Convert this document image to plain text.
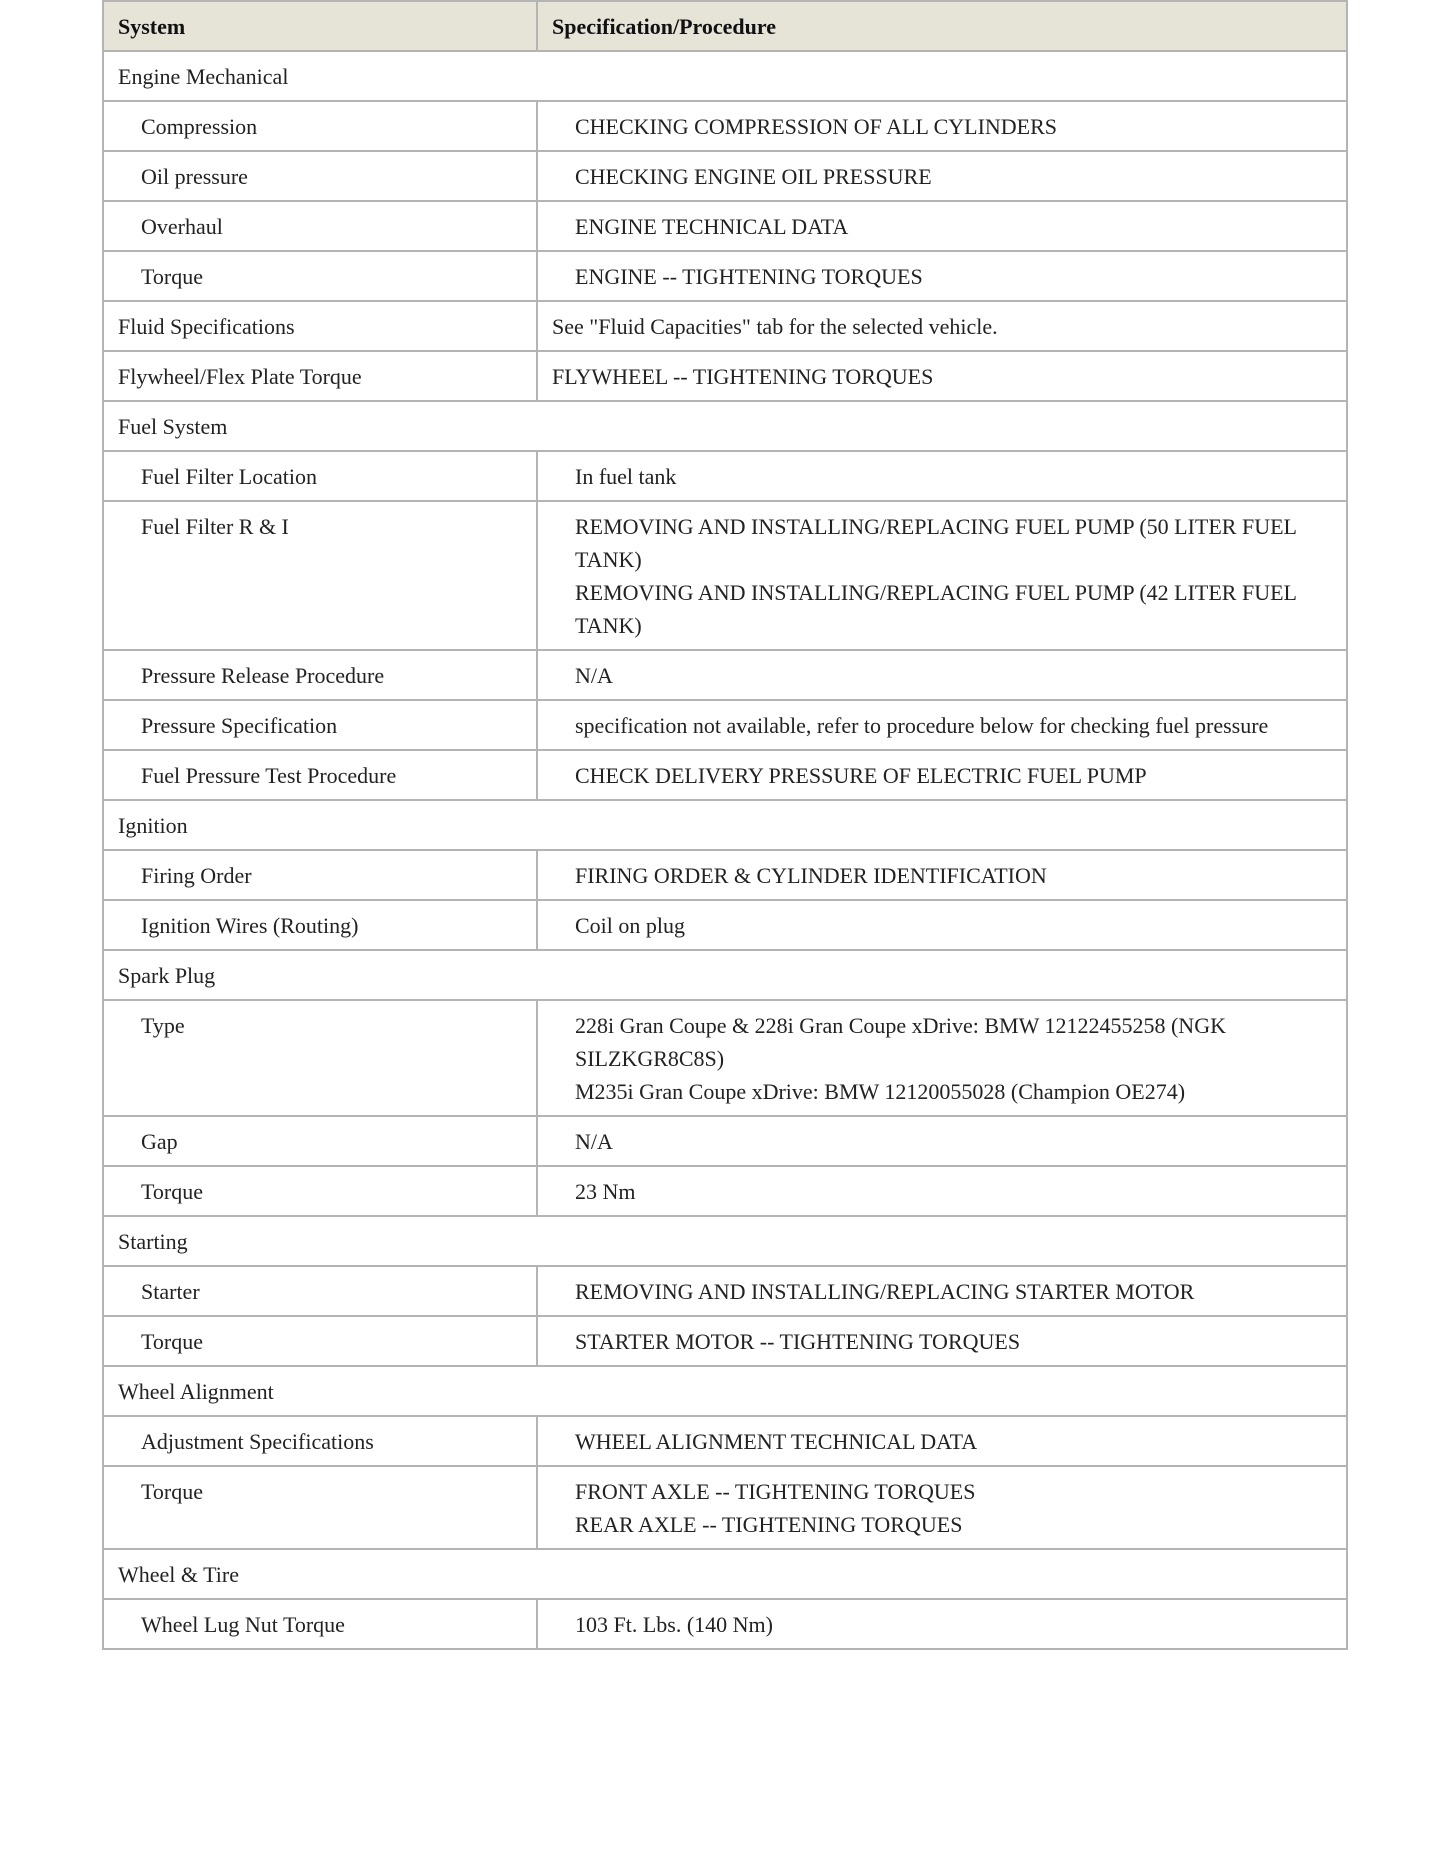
System	Specification/Procedure
Engine Mechanical	
Compression	CHECKING COMPRESSION OF ALL CYLINDERS

Oil pressure	CHECKING ENGINE OIL PRESSURE

Overhaul	ENGINE TECHNICAL DATA

Torque	ENGINE -- TIGHTENING TORQUES

Fluid Specifications	See "Fluid Capacities" tab for the selected vehicle.

Flywheel/Flex Plate Torque	FLYWHEEL -- TIGHTENING TORQUES

Fuel System	
Fuel Filter Location	In fuel tank

Fuel Filter R & I	REMOVING AND INSTALLING/REPLACING FUEL PUMP (50 LITER FUEL TANK)
REMOVING AND INSTALLING/REPLACING FUEL PUMP (42 LITER FUEL TANK)

Pressure Release Procedure	N/A

Pressure Specification	specification not available, refer to procedure below for checking fuel pressure

Fuel Pressure Test Procedure	CHECK DELIVERY PRESSURE OF ELECTRIC FUEL PUMP

Ignition	
Firing Order	FIRING ORDER & CYLINDER IDENTIFICATION

Ignition Wires (Routing)	Coil on plug

Spark Plug	
Type	228i Gran Coupe & 228i Gran Coupe xDrive: BMW 12122455258 (NGK SILZKGR8C8S)
M235i Gran Coupe xDrive: BMW 12120055028 (Champion OE274)

Gap	N/A

Torque	23 Nm

Starting	
Starter	REMOVING AND INSTALLING/REPLACING STARTER MOTOR

Torque	STARTER MOTOR -- TIGHTENING TORQUES

Wheel Alignment	
Adjustment Specifications	WHEEL ALIGNMENT TECHNICAL DATA

Torque	FRONT AXLE -- TIGHTENING TORQUES
REAR AXLE -- TIGHTENING TORQUES

Wheel & Tire	
Wheel Lug Nut Torque	103 Ft. Lbs. (140 Nm)
